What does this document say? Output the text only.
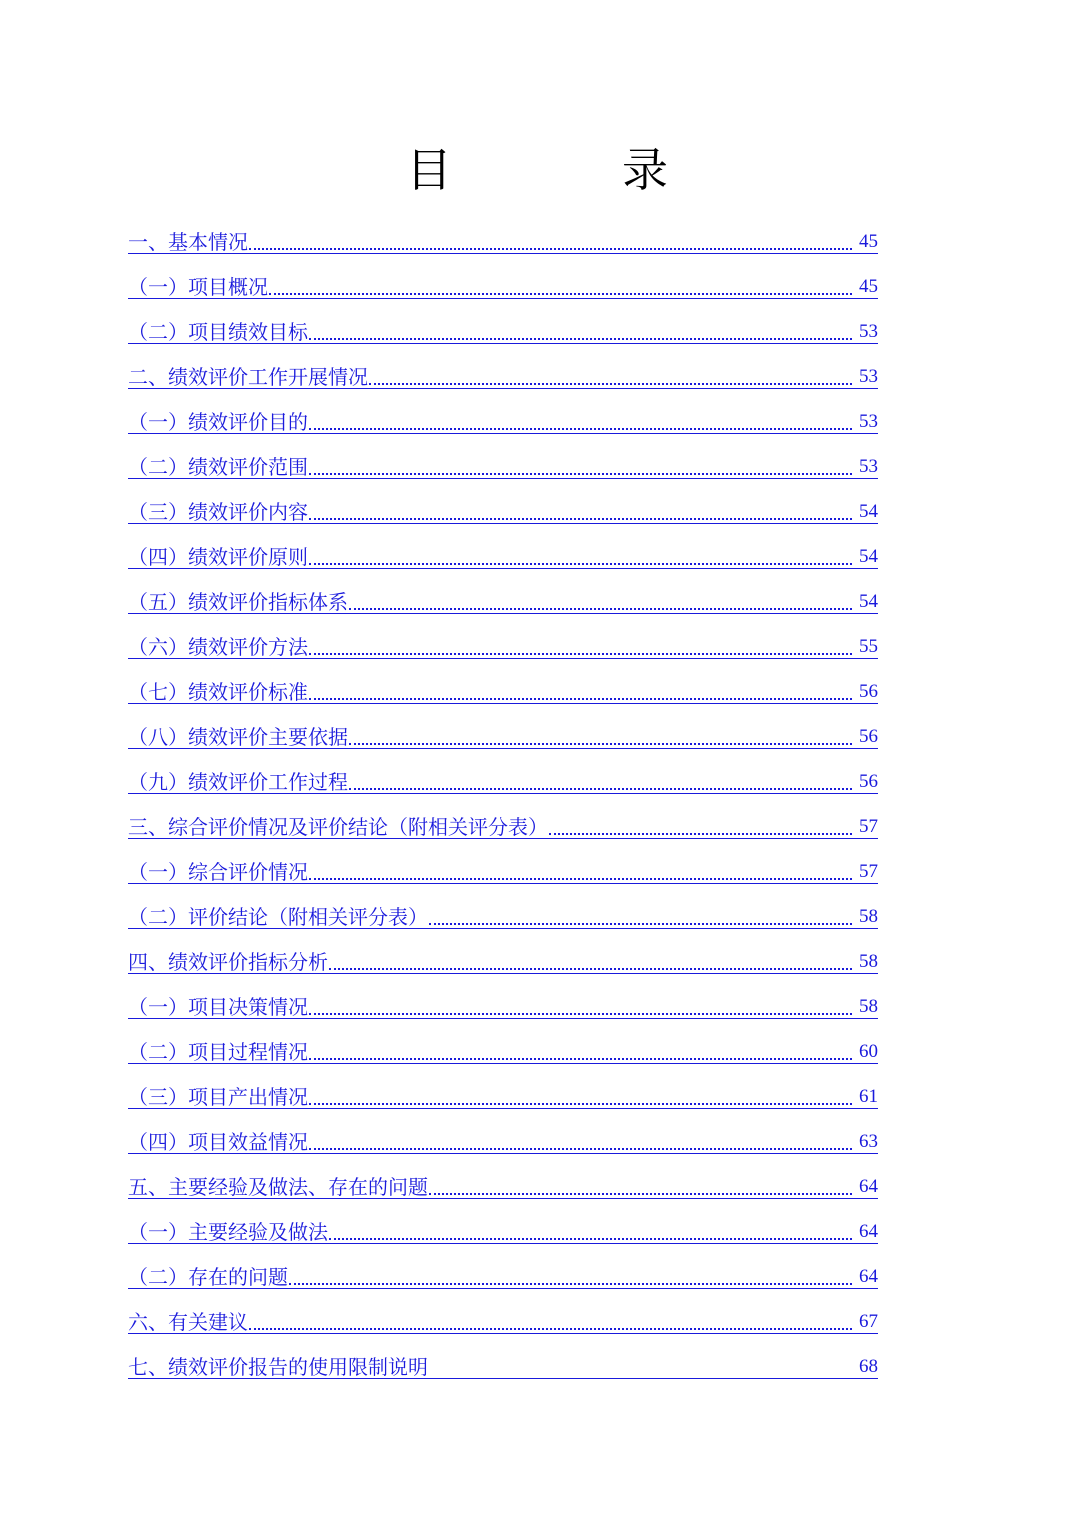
目　录
一、基本情况	45
（一）项目概况	45
（二）项目绩效目标	53
二、绩效评价工作开展情况	53
（一）绩效评价目的	53
（二）绩效评价范围	53
（三）绩效评价内容	54
（四）绩效评价原则	54
（五）绩效评价指标体系	54
（六）绩效评价方法	55
（七）绩效评价标准	56
（八）绩效评价主要依据	56
（九）绩效评价工作过程	56
三、综合评价情况及评价结论（附相关评分表）	57
（一）综合评价情况	57
（二）评价结论（附相关评分表）	58
四、绩效评价指标分析	58
（一）项目决策情况	58
（二）项目过程情况	60
（三）项目产出情况	61
（四）项目效益情况	63
五、主要经验及做法、存在的问题	64
（一）主要经验及做法	64
（二）存在的问题	64
六、有关建议	67
七、绩效评价报告的使用限制说明	68
